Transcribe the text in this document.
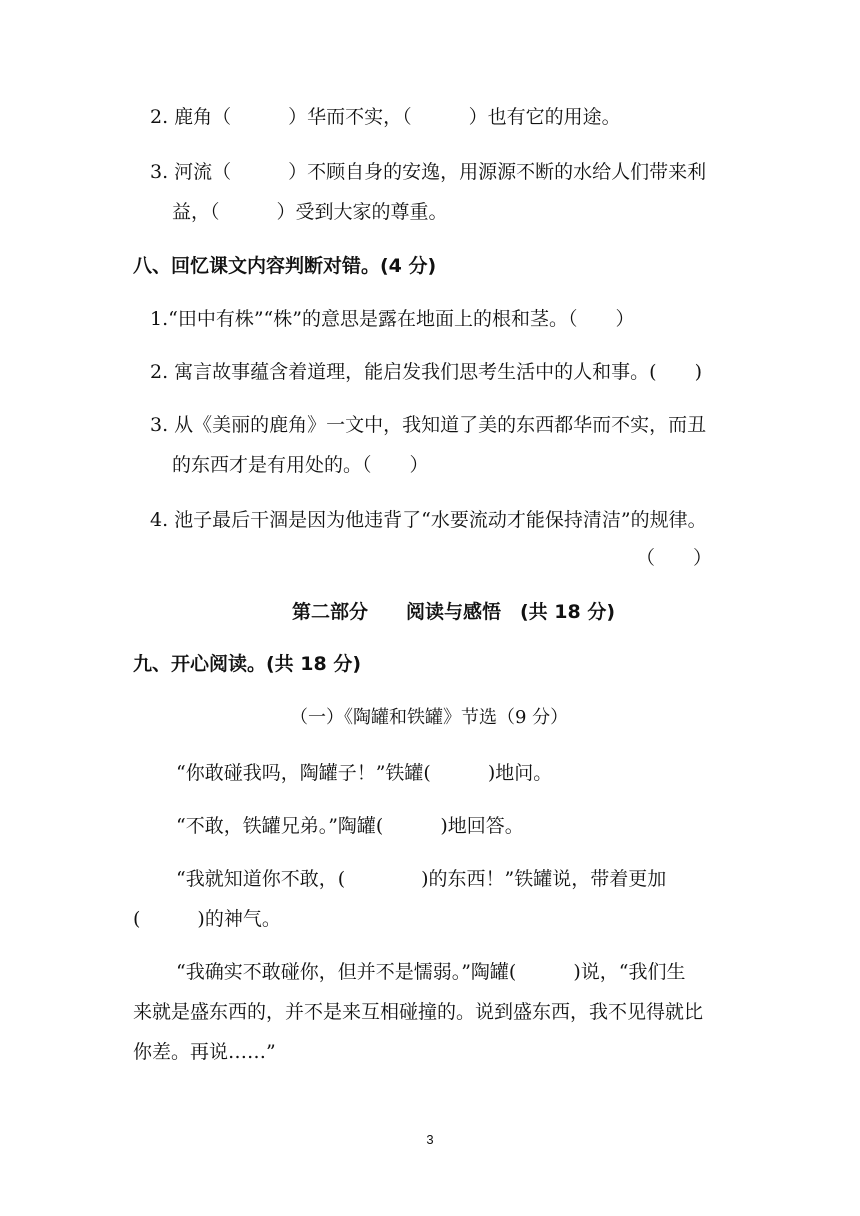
2. 鹿角（　　　）华而不实，（　　　）也有它的用途。
3. 河流（　　　）不顾自身的安逸，用源源不断的水给人们带来利
益，（　　　）受到大家的尊重。
八、回忆课文内容判断对错。(4 分)
1.“田中有株”“株”的意思是露在地面上的根和茎。（　　）
2. 寓言故事蕴含着道理，能启发我们思考生活中的人和事。(　　)
3. 从《美丽的鹿角》一文中，我知道了美的东西都华而不实，而丑
的东西才是有用处的。（　　）
4. 池子最后干涸是因为他违背了“水要流动才能保持清洁”的规律。
（　　）
第二部分　　阅读与感悟　(共 18 分)
九、开心阅读。(共 18 分)
（一）《陶罐和铁罐》节选（9 分）
“你敢碰我吗，陶罐子！”铁罐(　　　)地问。
“不敢，铁罐兄弟。”陶罐(　　　)地回答。
“我就知道你不敢，(　　　　)的东西！”铁罐说，带着更加
(　　　)的神气。
“我确实不敢碰你，但并不是懦弱。”陶罐(　　　)说，“我们生
来就是盛东西的，并不是来互相碰撞的。说到盛东西，我不见得就比
你差。再说……”
3
